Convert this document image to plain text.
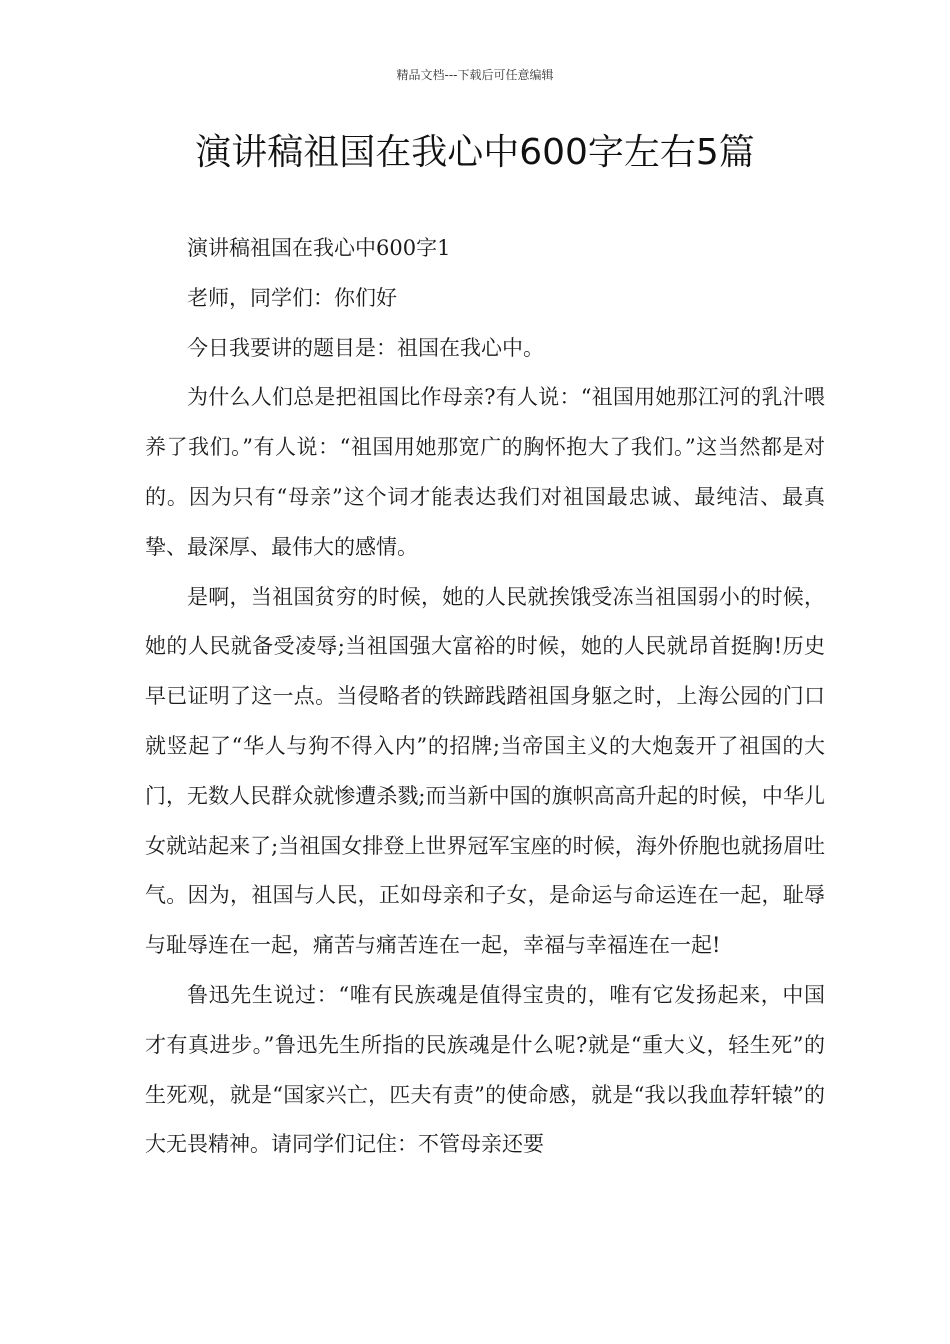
精品文档---下载后可任意编辑
演讲稿祖国在我心中600字左右5篇

演讲稿祖国在我心中600字1

老师，同学们：你们好

今日我要讲的题目是：祖国在我心中。

为什么人们总是把祖国比作母亲?有人说：“祖国用她那江河的乳汁喂养了我们。”有人说：“祖国用她那宽广的胸怀抱大了我们。”这当然都是对的。因为只有“母亲”这个词才能表达我们对祖国最忠诚、最纯洁、最真挚、最深厚、最伟大的感情。

是啊，当祖国贫穷的时候，她的人民就挨饿受冻当祖国弱小的时候，她的人民就备受凌辱;当祖国强大富裕的时候，她的人民就昂首挺胸!历史早已证明了这一点。当侵略者的铁蹄践踏祖国身躯之时，上海公园的门口就竖起了“华人与狗不得入内”的招牌;当帝国主义的大炮轰开了祖国的大门，无数人民群众就惨遭杀戮;而当新中国的旗帜高高升起的时候，中华儿女就站起来了;当祖国女排登上世界冠军宝座的时候，海外侨胞也就扬眉吐气。因为，祖国与人民，正如母亲和子女，是命运与命运连在一起，耻辱与耻辱连在一起，痛苦与痛苦连在一起，幸福与幸福连在一起!

鲁迅先生说过：“唯有民族魂是值得宝贵的，唯有它发扬起来，中国才有真进步。”鲁迅先生所指的民族魂是什么呢?就是“重大义，轻生死”的生死观，就是“国家兴亡，匹夫有责”的使命感，就是“我以我血荐轩辕”的大无畏精神。请同学们记住：不管母亲还要
